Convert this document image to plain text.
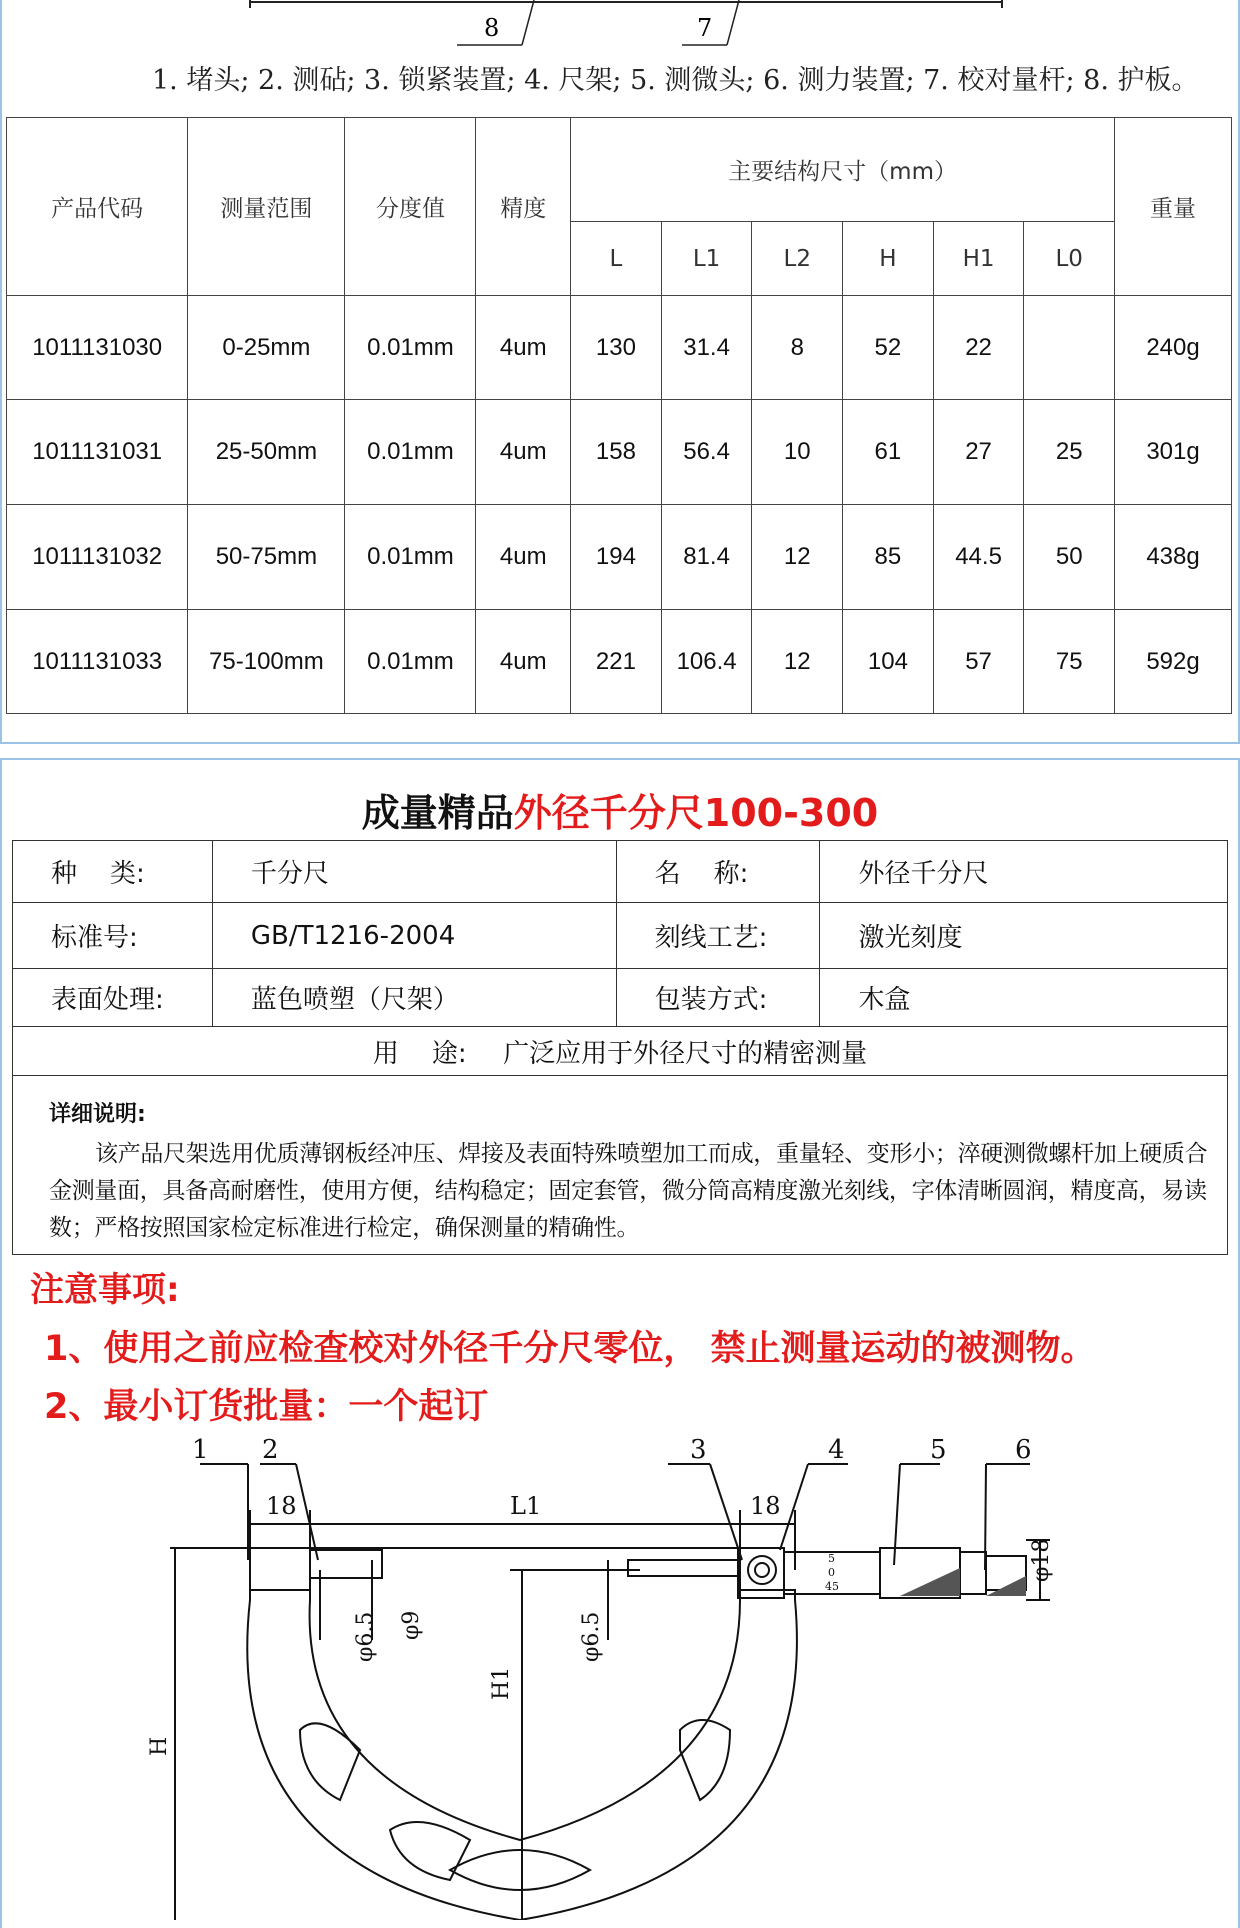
8	7
1. 堵头; 2. 测砧; 3. 锁紧装置; 4. 尺架; 5. 测微头; 6. 测力装置; 7. 校对量杆; 8. 护板。
产品代码	测量范围	分度值	精度	主要结构尺寸（mm）						重量
				L	L1	L2	H	H1	L0	
1011131030	0-25mm	0.01mm	4um	130	31.4	8	52	22		240g
1011131031	25-50mm	0.01mm	4um	158	56.4	10	61	27	25	301g
1011131032	50-75mm	0.01mm	4um	194	81.4	12	85	44.5	50	438g
1011131033	75-100mm	0.01mm	4um	221	106.4	12	104	57	75	592g
成量精品外径千分尺100-300
种    类:	千分尺	名    称:	外径千分尺
标准号:	GB/T1216-2004	刻线工艺:	激光刻度
表面处理:	蓝色喷塑（尺架）	包装方式:	木盒
用    途: 广泛应用于外径尺寸的精密测量			
详细说明:
该产品尺架选用优质薄钢板经冲压、焊接及表面特殊喷塑加工而成，重量轻、变形小；淬硬测微螺杆加上硬质合金测量面，具备高耐磨性，使用方便，结构稳定；固定套管，微分筒高精度激光刻线，字体清晰圆润，精度高，易读数；严格按照国家检定标准进行检定，确保测量的精确性。
注意事项:
1、使用之前应检查校对外径千分尺零位， 禁止测量运动的被测物。
2、最小订货批量：一个起订
1 2	3	4	5	6
18	L1	18
φ18
φ6.5 φ9	φ6.5
H1
H
5
0
45
